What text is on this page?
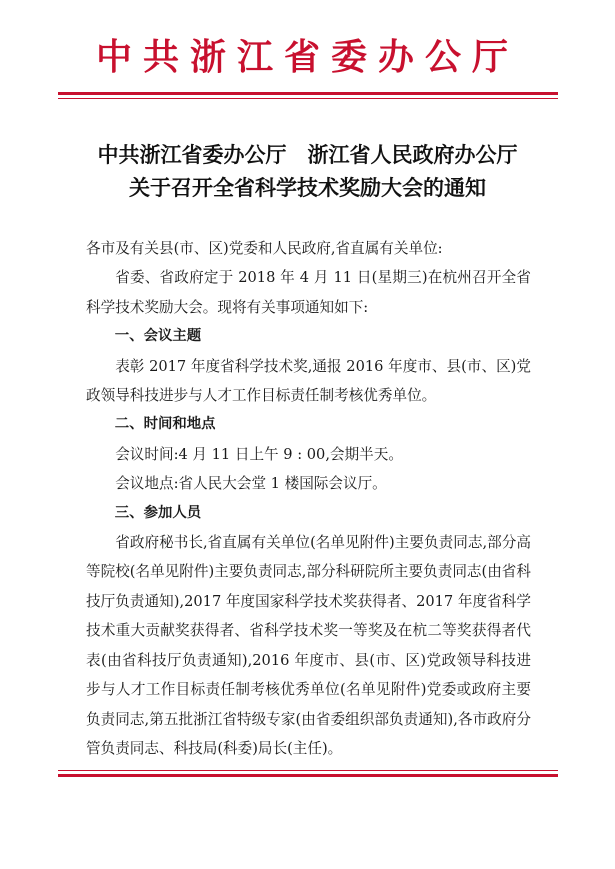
中共浙江省委办公厅
中共浙江省委办公厅　浙江省人民政府办公厅
关于召开全省科学技术奖励大会的通知

各市及有关县(市、区)党委和人民政府,省直属有关单位:

省委、省政府定于 2018 年 4 月 11 日(星期三)在杭州召开全省科学技术奖励大会。现将有关事项通知如下:

一、会议主题

表彰 2017 年度省科学技术奖,通报 2016 年度市、县(市、区)党政领导科技进步与人才工作目标责任制考核优秀单位。

二、时间和地点

会议时间:4 月 11 日上午 9 : 00,会期半天。

会议地点:省人民大会堂 1 楼国际会议厅。

三、参加人员

省政府秘书长,省直属有关单位(名单见附件)主要负责同志,部分高等院校(名单见附件)主要负责同志,部分科研院所主要负责同志(由省科技厅负责通知),2017 年度国家科学技术奖获得者、2017 年度省科学技术重大贡献奖获得者、省科学技术奖一等奖及在杭二等奖获得者代表(由省科技厅负责通知),2016 年度市、县(市、区)党政领导科技进步与人才工作目标责任制考核优秀单位(名单见附件)党委或政府主要负责同志,第五批浙江省特级专家(由省委组织部负责通知),各市政府分管负责同志、科技局(科委)局长(主任)。
